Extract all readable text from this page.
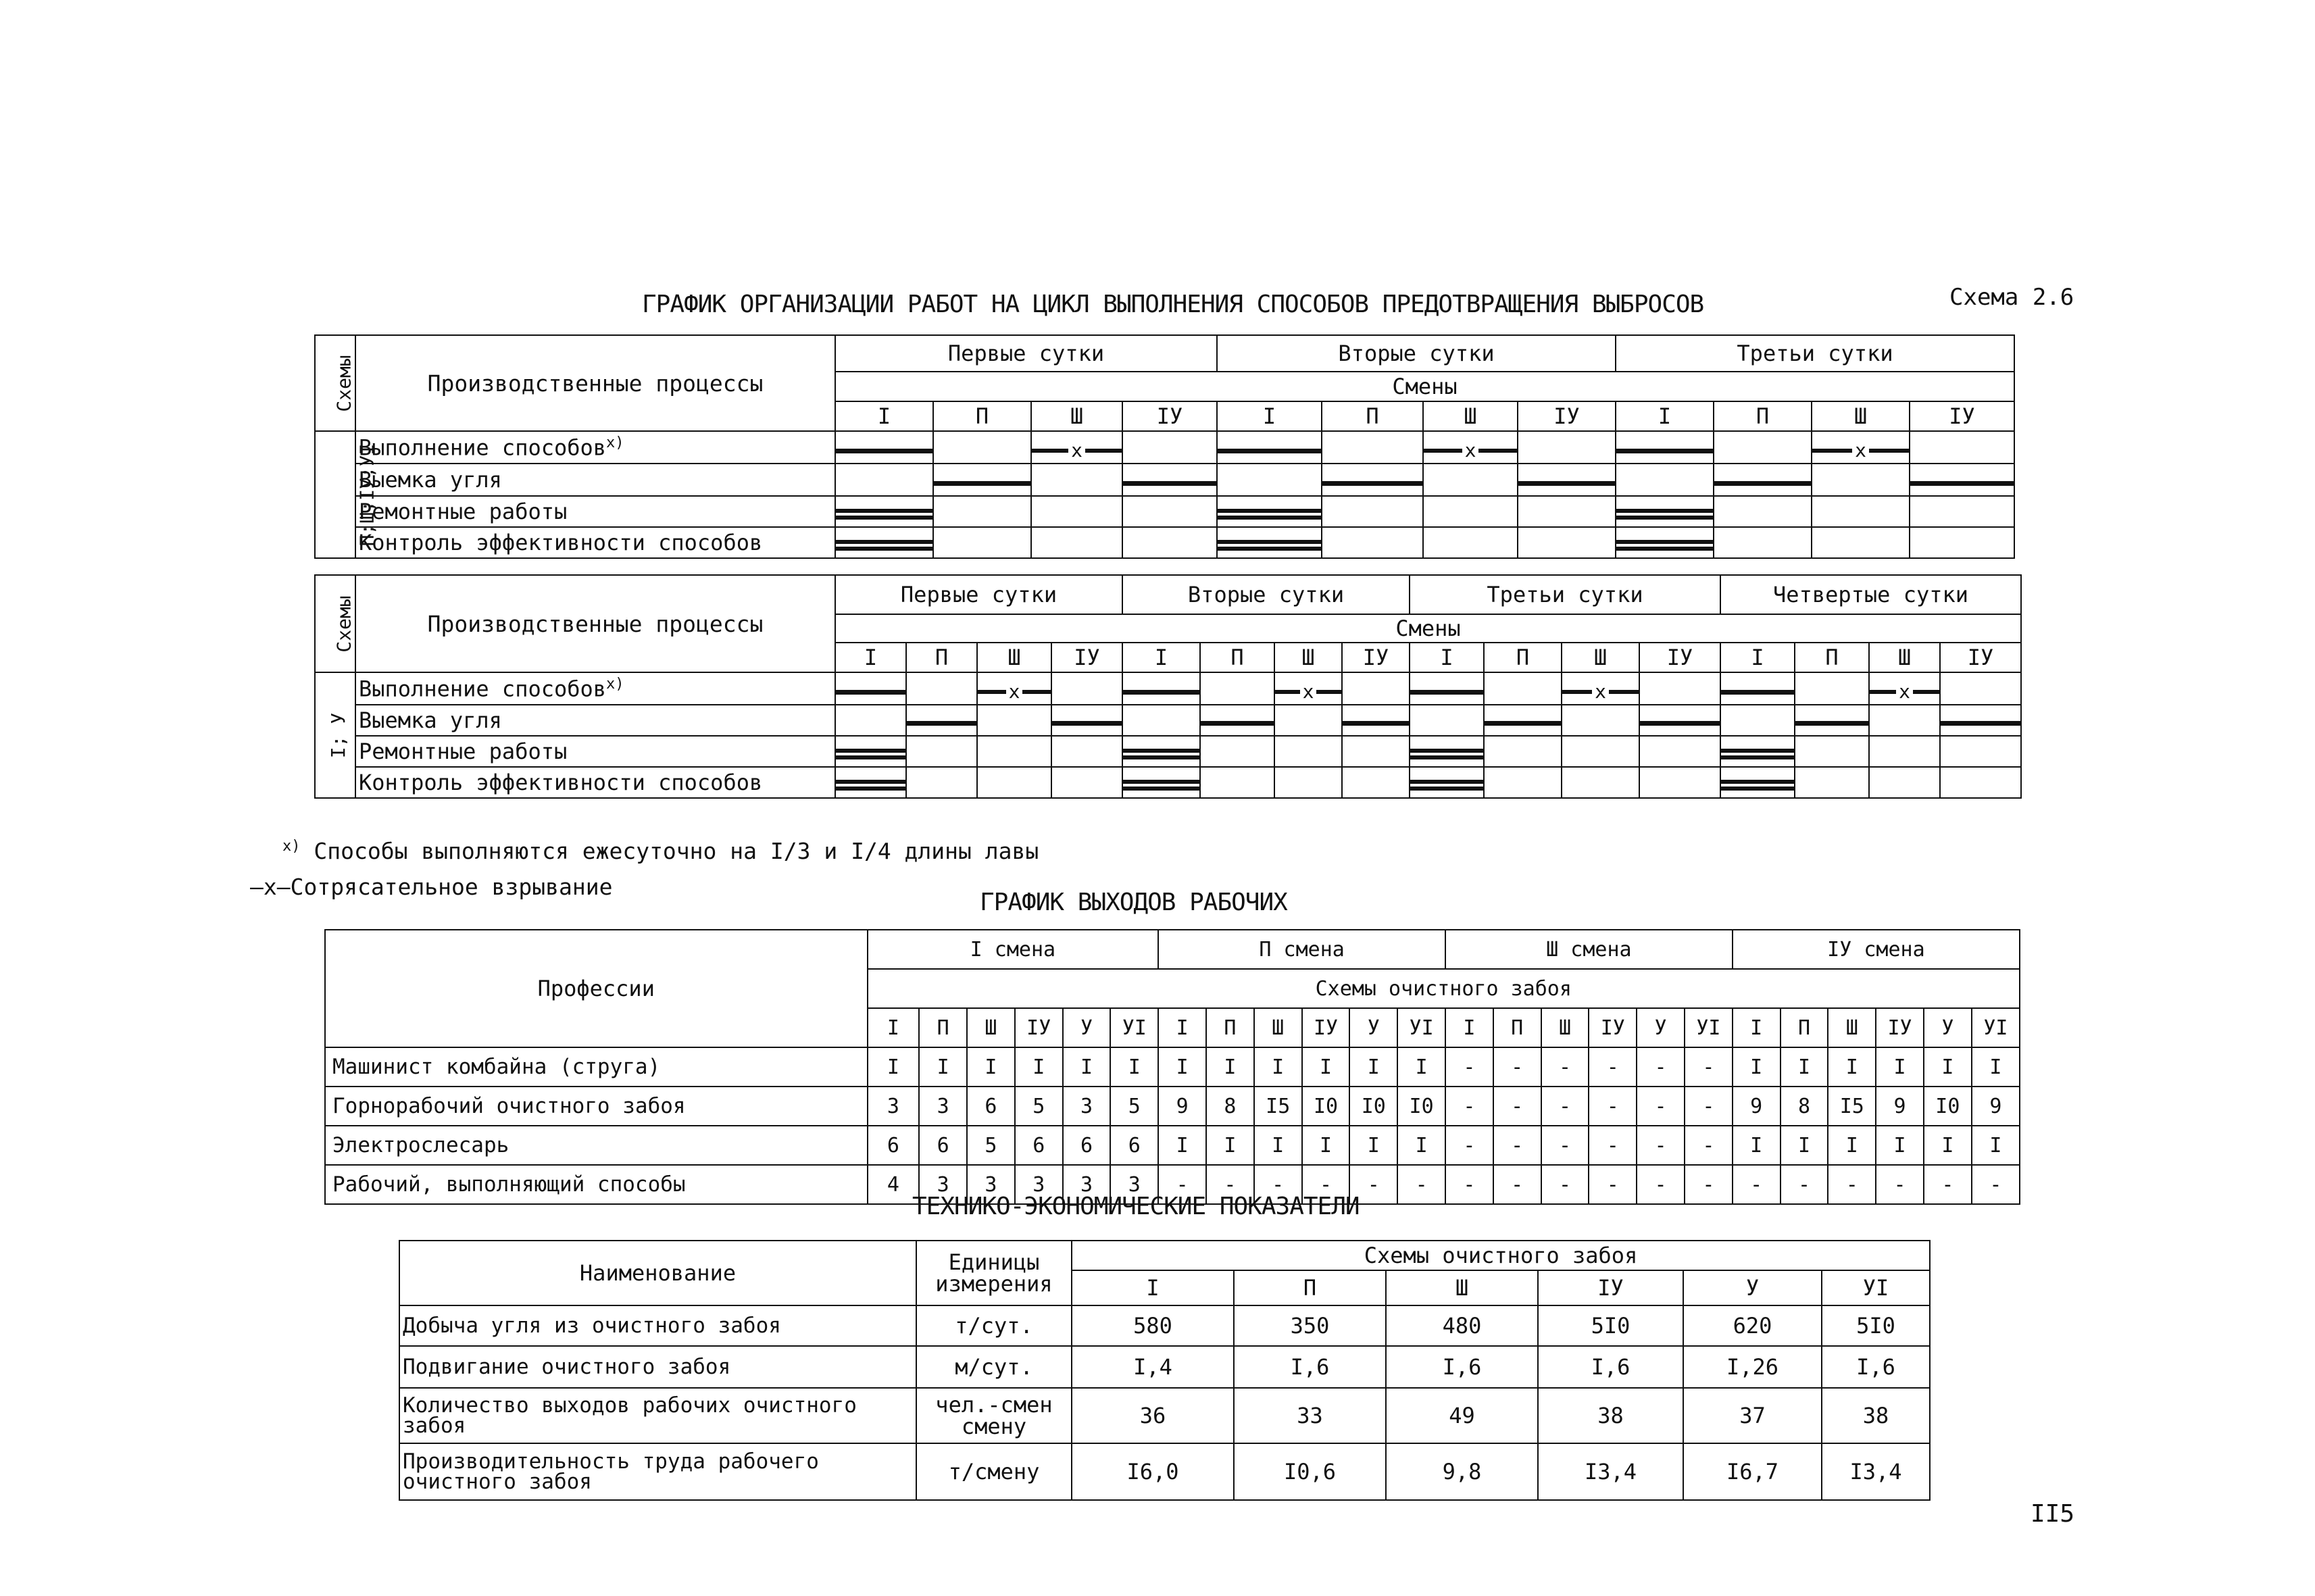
ГРАФИК ОРГАНИЗАЦИИ РАБОТ НА ЦИКЛ ВЫПОЛНЕНИЯ СПОСОБОВ ПРЕДОТВРАЩЕНИЯ ВЫБРОСОВ	Схема 2.6
Схемы	Производственные процессы	Первые сутки				Вторые сутки				Третьи сутки			
		Смены											
		I	П	Ш	IУ	I	П	Ш	IУ	I	П	Ш	IУ
П;Ш;IУ;УI	Выполнение способов$^{х)}$			х				х				х	

	Выемка угля		

	Ремонтные работы	

	Контроль эффективности способов	

Схемы	Производственные процессы	Первые сутки				Вторые сутки				Третьи сутки				Четвертые сутки			
		Смены															
		I	П	Ш	IУ	I	П	Ш	IУ	I	П	Ш	IУ	I	П	Ш	IУ
I; У	Выполнение способов$^{х)}$			х				х				х				х	

	Выемка угля		

	Ремонтные работы	

	Контроль эффективности способов	

$^{х)}$ Способы выполняются ежесуточно на I/3 и I/4 длины лавы
—х—Сотрясательное взрывание
ГРАФИК ВЫХОДОВ РАБОЧИХ
Профессии	I смена						П смена						Ш смена						IУ смена					
	Схемы очистного забоя																							
	I	П	Ш	IУ	У	УI	I	П	Ш	IУ	У	УI	I	П	Ш	IУ	У	УI	I	П	Ш	IУ	У	УI
Машинист комбайна (струга)	I	I	I	I	I	I	I	I	I	I	I	I	-	-	-	-	-	-	I	I	I	I	I	I
Горнорабочий очистного забоя	3	3	6	5	3	5	9	8	I5	I0	I0	I0	-	-	-	-	-	-	9	8	I5	9	I0	9
Электрослесарь	6	6	5	6	6	6	I	I	I	I	I	I	-	-	-	-	-	-	I	I	I	I	I	I
Рабочий, выполняющий способы	4	3	3	3	3	3	-	-	-	-	-	-	-	-	-	-	-	-	-	-	-	-	-	-
ТЕХНИКО-ЭКОНОМИЧЕСКИЕ ПОКАЗАТЕЛИ
Наименование	Единицы измерения	Схемы очистного забоя					
		I	П	Ш	IУ	У	УI
Добыча угля из очистного забоя	т/сут.	580	350	480	5I0	620	5I0
Подвигание очистного забоя	м/сут.	I,4	I,6	I,6	I,6	I,26	I,6
Количество выходов рабочих очистного забоя	чел.-смен смену	36	33	49	38	37	38
Производительность труда рабочего очистного забоя	т/смену	I6,0	I0,6	9,8	I3,4	I6,7	I3,4
II5
